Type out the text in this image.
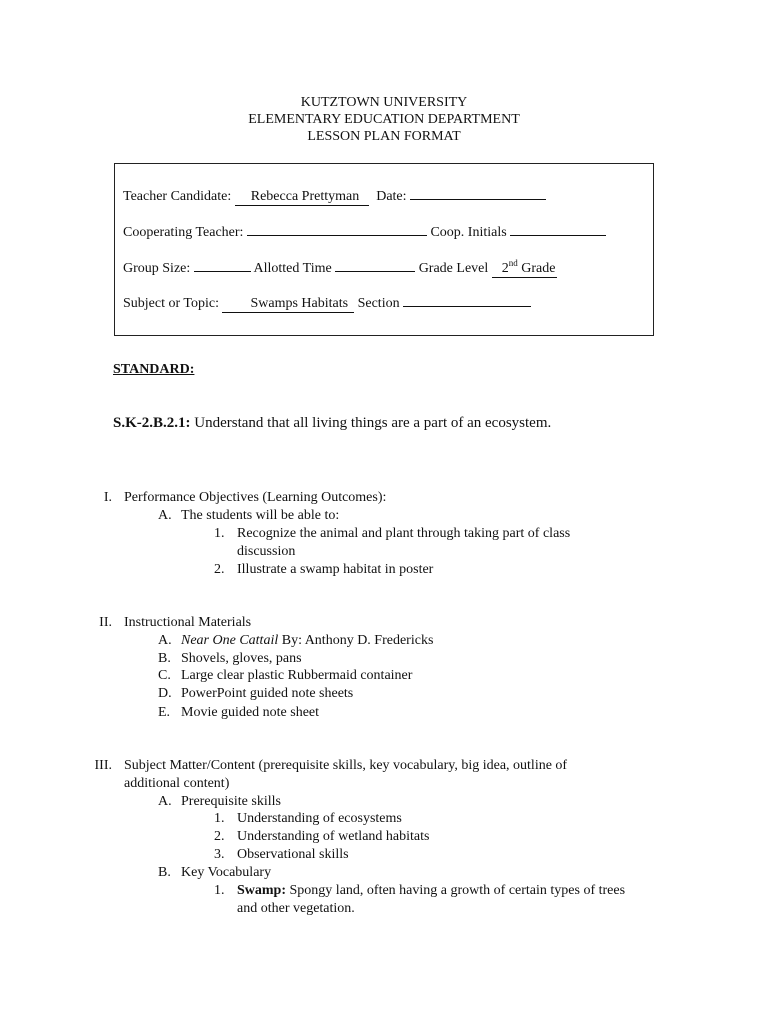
KUTZTOWN UNIVERSITY
ELEMENTARY EDUCATION DEPARTMENT
LESSON PLAN FORMAT
Teacher Candidate: Rebecca Prettyman Date:
Cooperating Teacher:	Coop. Initials
Group Size:	Allotted Time	Grade Level 2nd Grade
Subject or Topic: Swamps Habitats Section
STANDARD:
S.K-2.B.2.1: Understand that all living things are a part of an ecosystem.
I. Performance Objectives (Learning Outcomes):
A. The students will be able to:
1. Recognize the animal and plant through taking part of class
discussion
2. Illustrate a swamp habitat in poster
II. Instructional Materials
A. Near One Cattail By: Anthony D. Fredericks
B. Shovels, gloves, pans
C. Large clear plastic Rubbermaid container
D. PowerPoint guided note sheets
E. Movie guided note sheet
III. Subject Matter/Content (prerequisite skills, key vocabulary, big idea, outline of
additional content)
A. Prerequisite skills
1. Understanding of ecosystems
2. Understanding of wetland habitats
3. Observational skills
B. Key Vocabulary
1. Swamp: Spongy land, often having a growth of certain types of trees
and other vegetation.
